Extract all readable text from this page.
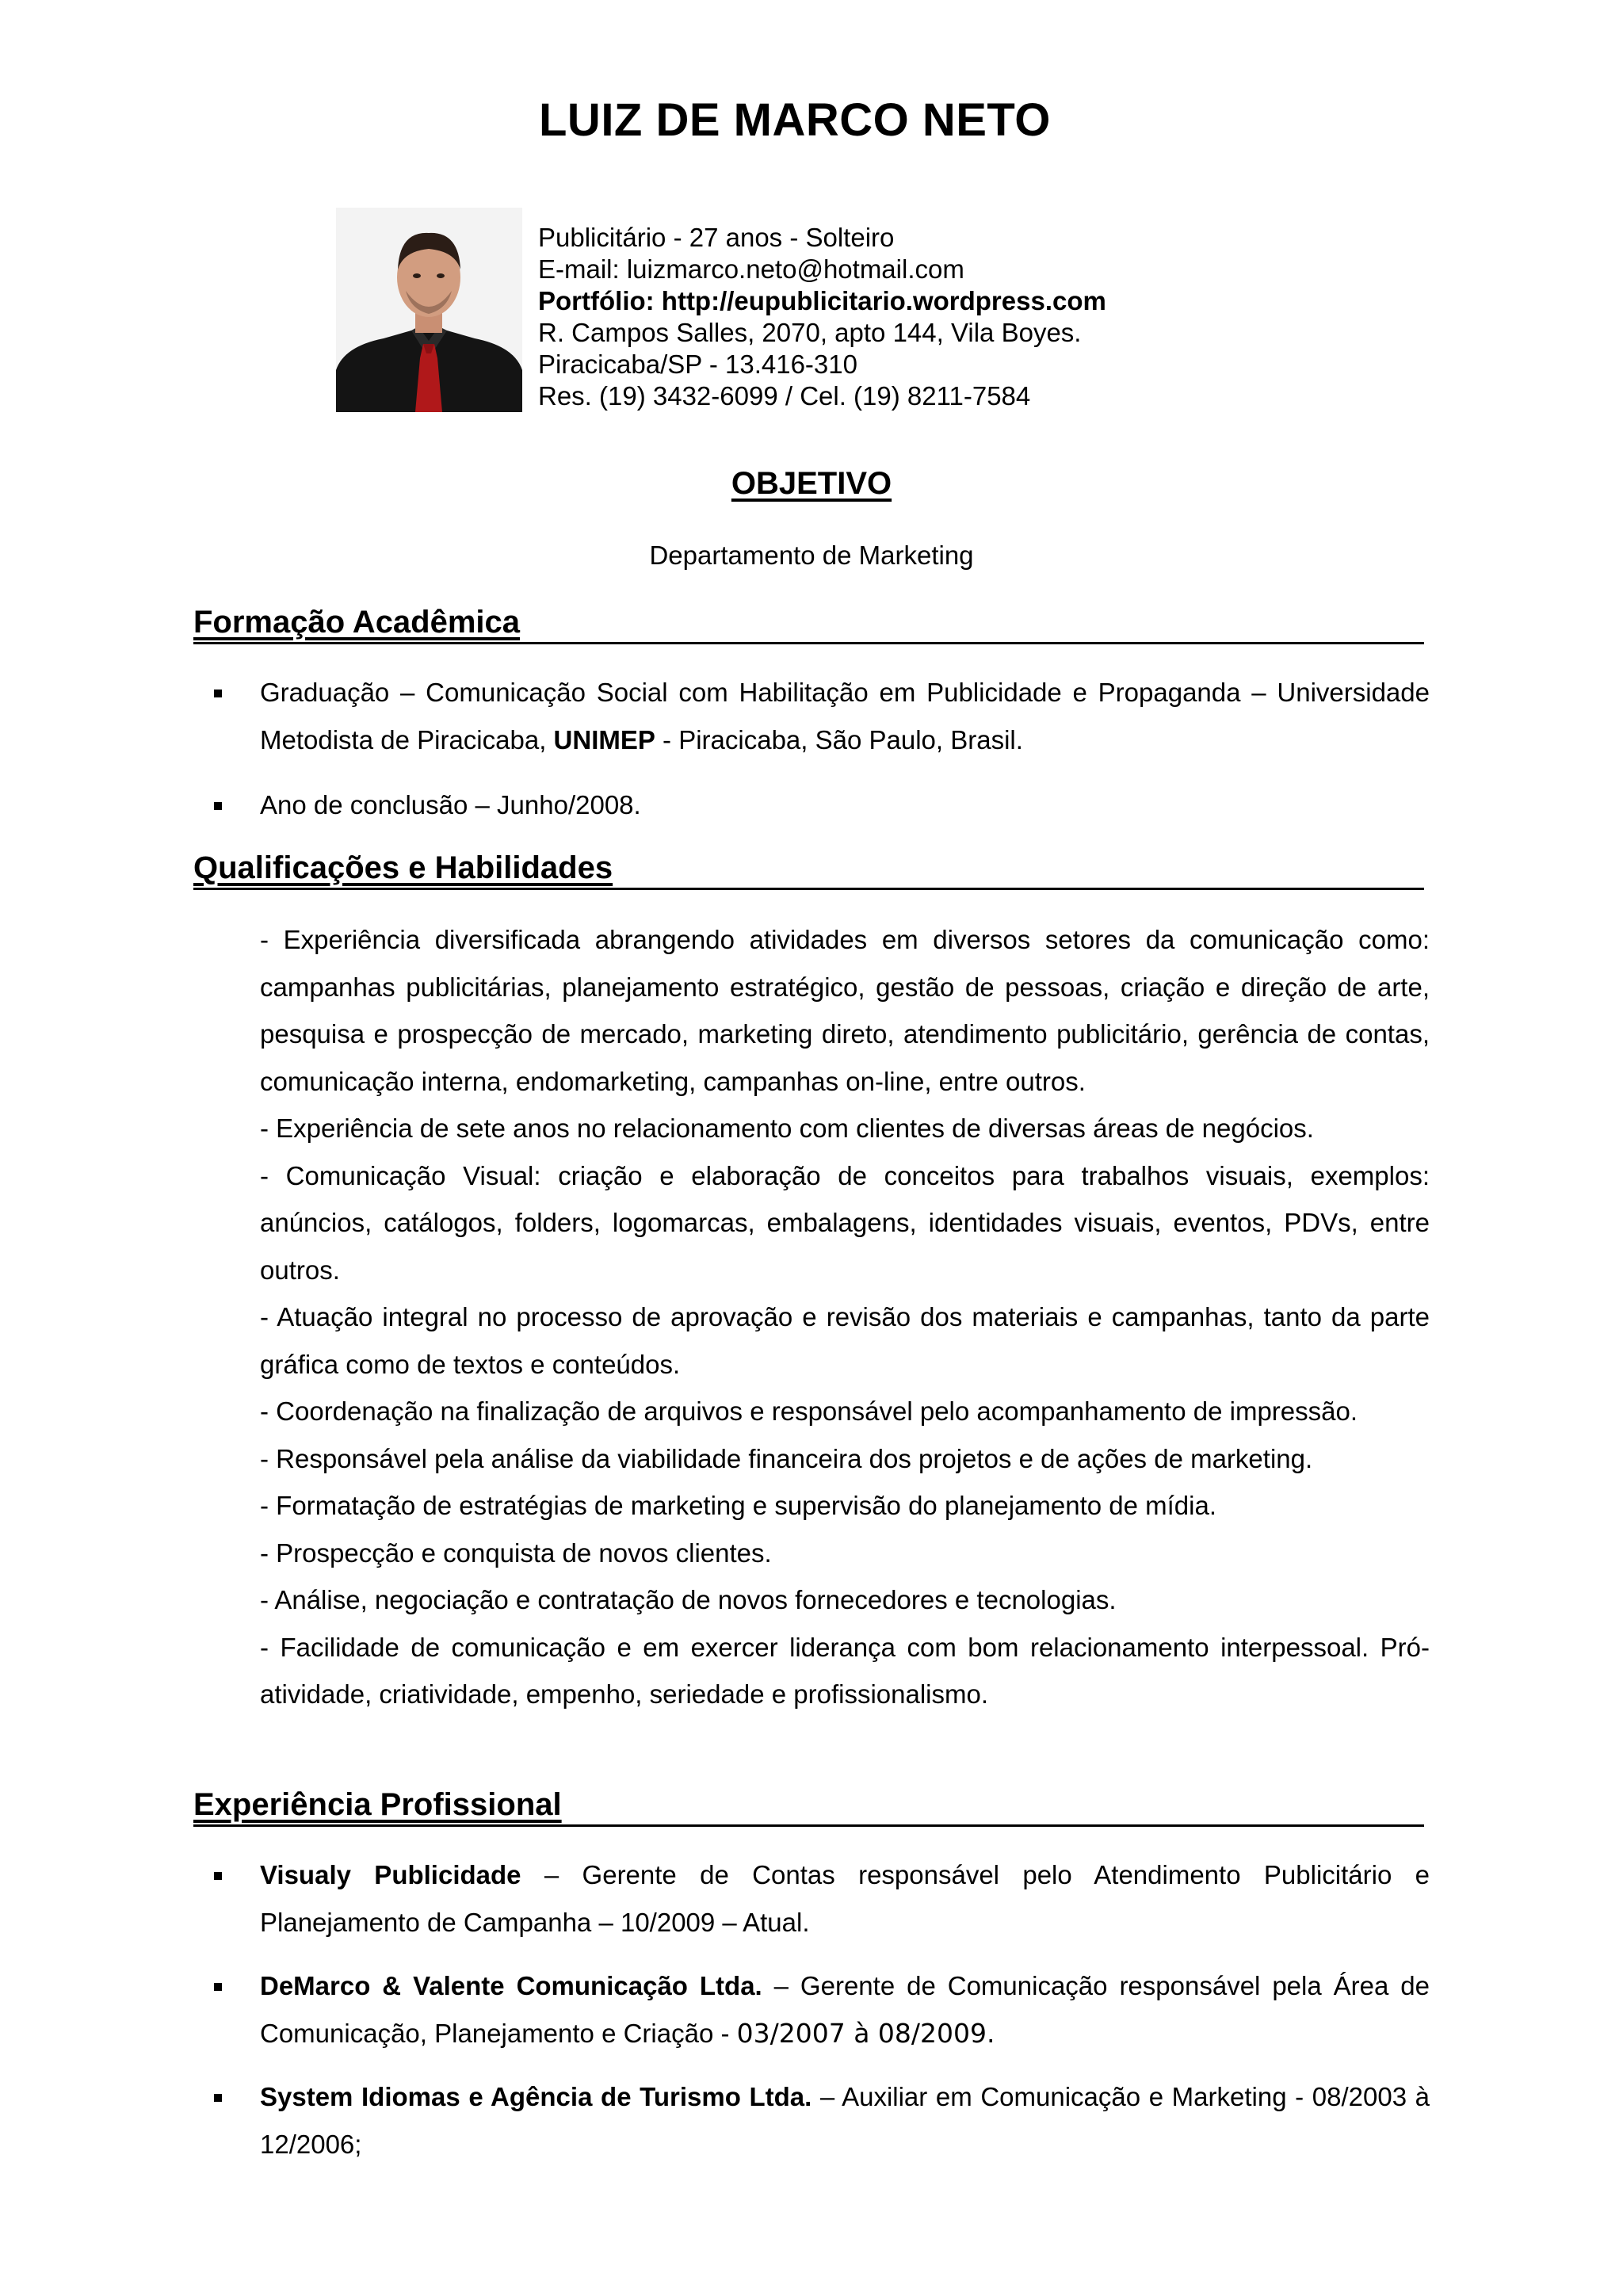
LUIZ DE MARCO NETO
Publicitário - 27 anos - Solteiro
E-mail: luizmarco.neto@hotmail.com
Portfólio: http://eupublicitario.wordpress.com
R. Campos Salles, 2070, apto 144, Vila Boyes.
Piracicaba/SP - 13.416-310
Res. (19) 3432-6099 / Cel. (19) 8211-7584
OBJETIVO
Departamento de Marketing
Formação Acadêmica

Graduação – Comunicação Social com Habilitação em Publicidade e Propaganda – Universidade Metodista de Piracicaba, UNIMEP - Piracicaba, São Paulo, Brasil.

Ano de conclusão – Junho/2008.

Qualificações e Habilidades

- Experiência diversificada abrangendo atividades em diversos setores da comunicação como: campanhas publicitárias, planejamento estratégico, gestão de pessoas, criação e direção de arte, pesquisa e prospecção de mercado, marketing direto, atendimento publicitário, gerência de contas, comunicação interna, endomarketing, campanhas on-line, entre outros.

- Experiência de sete anos no relacionamento com clientes de diversas áreas de negócios.

- Comunicação Visual: criação e elaboração de conceitos para trabalhos visuais, exemplos: anúncios, catálogos, folders, logomarcas, embalagens, identidades visuais, eventos, PDVs, entre outros.

- Atuação integral no processo de aprovação e revisão dos materiais e campanhas, tanto da parte gráfica como de textos e conteúdos.

- Coordenação na finalização de arquivos e responsável pelo acompanhamento de impressão.

- Responsável pela análise da viabilidade financeira dos projetos e de ações de marketing.

- Formatação de estratégias de marketing e supervisão do planejamento de mídia.

- Prospecção e conquista de novos clientes.

- Análise, negociação e contratação de novos fornecedores e tecnologias.

- Facilidade de comunicação e em exercer liderança com bom relacionamento interpessoal. Pró-atividade, criatividade, empenho, seriedade e profissionalismo.

Experiência Profissional

Visualy Publicidade – Gerente de Contas responsável pelo Atendimento Publicitário e Planejamento de Campanha – 10/2009 – Atual.

DeMarco & Valente Comunicação Ltda. – Gerente de Comunicação responsável pela Área de Comunicação, Planejamento e Criação - 03/2007 à 08/2009.

System Idiomas e Agência de Turismo Ltda. – Auxiliar em Comunicação e Marketing - 08/2003 à 12/2006;
